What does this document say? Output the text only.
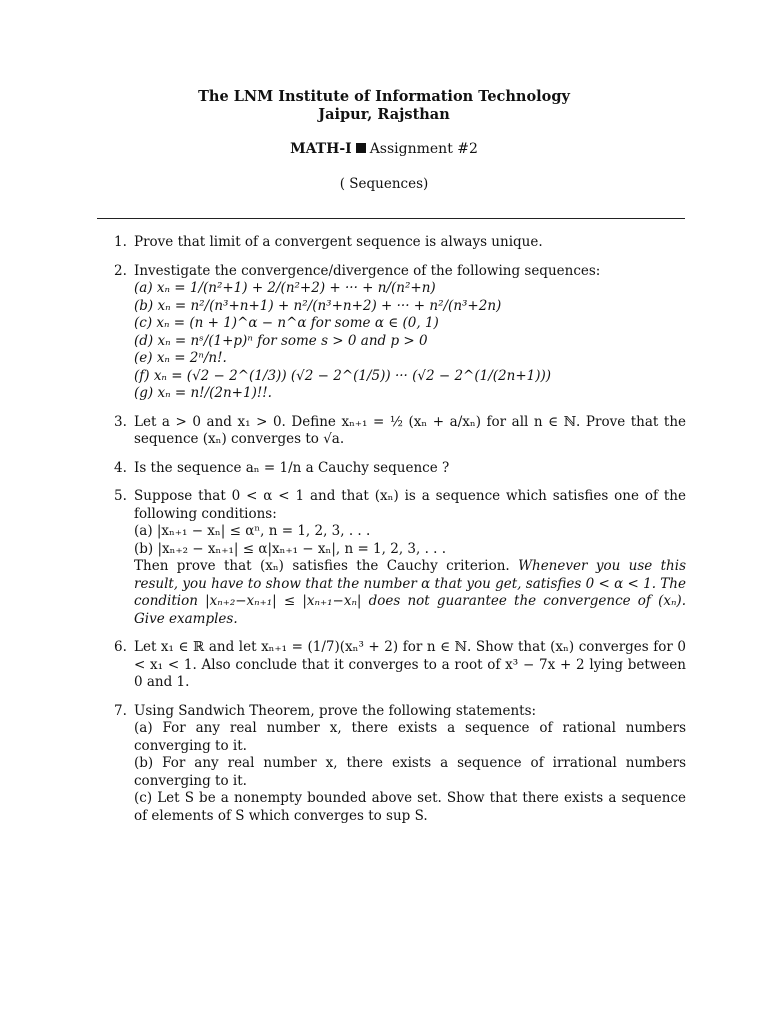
The LNM Institute of Information Technology
Jaipur, Rajsthan
MATH-I Assignment #2
( Sequences)
1. Prove that limit of a convergent sequence is always unique.
2. Investigate the convergence/divergence of the following sequences:
(a) xₙ = 1/(n²+1) + 2/(n²+2) + ··· + n/(n²+n)
(b) xₙ = n²/(n³+n+1) + n²/(n³+n+2) + ··· + n²/(n³+2n)
(c) xₙ = (n + 1)^α − n^α for some α ∈ (0, 1)
(d) xₙ = nˢ/(1+p)ⁿ for some s > 0 and p > 0
(e) xₙ = 2ⁿ/n!.
(f) xₙ = (√2 − 2^(1/3)) (√2 − 2^(1/5)) ··· (√2 − 2^(1/(2n+1)))
(g) xₙ = n!/(2n+1)!!.
3. Let a > 0 and x₁ > 0. Define xₙ₊₁ = ½ (xₙ + a/xₙ) for all n ∈ ℕ. Prove that the sequence (xₙ) converges to √a.
4. Is the sequence aₙ = 1/n a Cauchy sequence ?
5. Suppose that 0 < α < 1 and that (xₙ) is a sequence which satisfies one of the following conditions:
(a) |xₙ₊₁ − xₙ| ≤ αⁿ, n = 1, 2, 3, . . .
(b) |xₙ₊₂ − xₙ₊₁| ≤ α|xₙ₊₁ − xₙ|, n = 1, 2, 3, . . .
Then prove that (xₙ) satisfies the Cauchy criterion. Whenever you use this result, you have to show that the number α that you get, satisfies 0 < α < 1. The condition |xₙ₊₂−xₙ₊₁| ≤ |xₙ₊₁−xₙ| does not guarantee the convergence of (xₙ). Give examples.
6. Let x₁ ∈ ℝ and let xₙ₊₁ = (1/7)(xₙ³ + 2) for n ∈ ℕ. Show that (xₙ) converges for 0 < x₁ < 1. Also conclude that it converges to a root of x³ − 7x + 2 lying between 0 and 1.
7. Using Sandwich Theorem, prove the following statements:
(a) For any real number x, there exists a sequence of rational numbers converging to it.
(b) For any real number x, there exists a sequence of irrational numbers converging to it.
(c) Let S be a nonempty bounded above set. Show that there exists a sequence of elements of S which converges to sup S.
